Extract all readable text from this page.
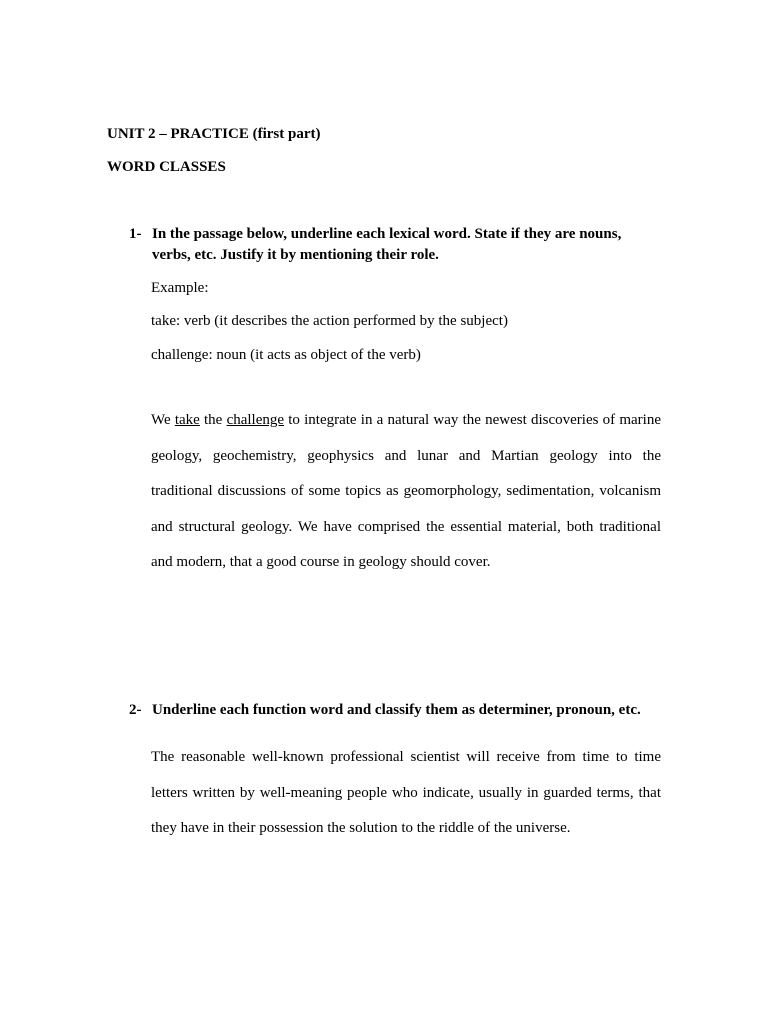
UNIT 2 – PRACTICE (first part)
WORD CLASSES
1- In the passage below, underline each lexical word. State if they are nouns, verbs, etc. Justify it by mentioning their role.
Example:
take: verb (it describes the action performed by the subject)
challenge: noun (it acts as object of the verb)
We take the challenge to integrate in a natural way the newest discoveries of marine geology, geochemistry, geophysics and lunar and Martian geology into the traditional discussions of some topics as geomorphology, sedimentation, volcanism and structural geology. We have comprised the essential material, both traditional and modern, that a good course in geology should cover.
2- Underline each function word and classify them as determiner, pronoun, etc.
The reasonable well-known professional scientist will receive from time to time letters written by well-meaning people who indicate, usually in guarded terms, that they have in their possession the solution to the riddle of the universe.
